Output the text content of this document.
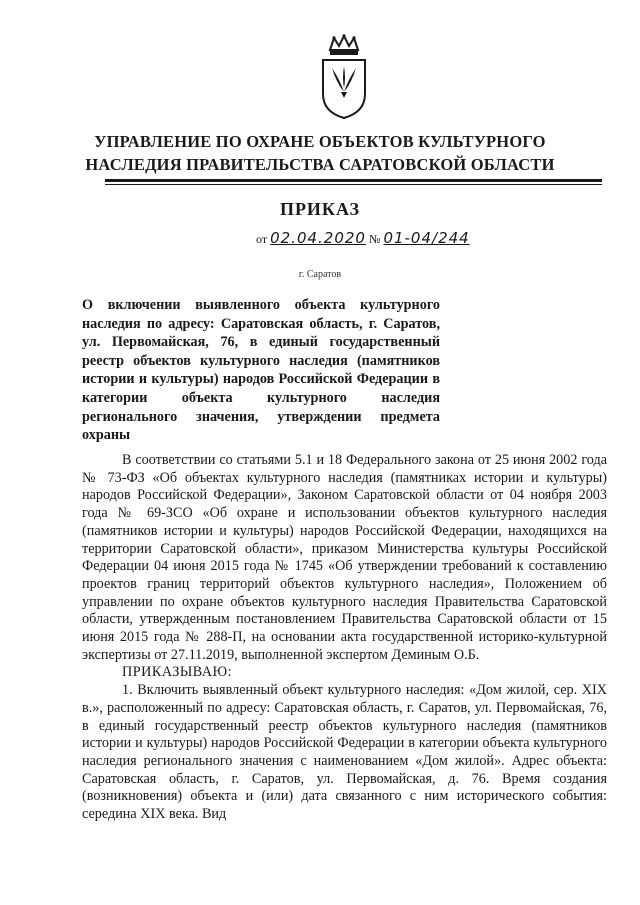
УПРАВЛЕНИЕ ПО ОХРАНЕ ОБЪЕКТОВ КУЛЬТУРНОГО
НАСЛЕДИЯ ПРАВИТЕЛЬСТВА САРАТОВСКОЙ ОБЛАСТИ
ПРИКАЗ
от 02.04.2020 № 01-04/244
г. Саратов
О включении выявленного объекта культурного наследия по адресу: Саратовская область, г. Саратов, ул. Первомайская, 76, в единый государственный реестр объектов культурного наследия (памятников истории и культуры) народов Российской Федерации в категории объекта культурного наследия регионального значения, утверждении предмета охраны

В соответствии со статьями 5.1 и 18 Федерального закона от 25 июня 2002 года № 73-ФЗ «Об объектах культурного наследия (памятниках истории и культуры) народов Российской Федерации», Законом Саратовской области от 04 ноября 2003 года № 69-ЗСО «Об охране и использовании объектов культурного наследия (памятников истории и культуры) народов Российской Федерации, находящихся на территории Саратовской области», приказом Министерства культуры Российской Федерации 04 июня 2015 года № 1745 «Об утверждении требований к составлению проектов границ территорий объектов культурного наследия», Положением об управлении по охране объектов культурного наследия Правительства Саратовской области, утвержденным постановлением Правительства Саратовской области от 15 июня 2015 года № 288-П, на основании акта государственной историко-культурной экспертизы от 27.11.2019, выполненной экспертом Деминым О.Б.

ПРИКАЗЫВАЮ:

1. Включить выявленный объект культурного наследия: «Дом жилой, сер. XIX в.», расположенный по адресу: Саратовская область, г. Саратов, ул. Первомайская, 76, в единый государственный реестр объектов культурного наследия (памятников истории и культуры) народов Российской Федерации в категории объекта культурного наследия регионального значения с наименованием «Дом жилой». Адрес объекта: Саратовская область, г. Саратов, ул. Первомайская, д. 76. Время создания (возникновения) объекта и (или) дата связанного с ним исторического события: середина XIX века. Вид
